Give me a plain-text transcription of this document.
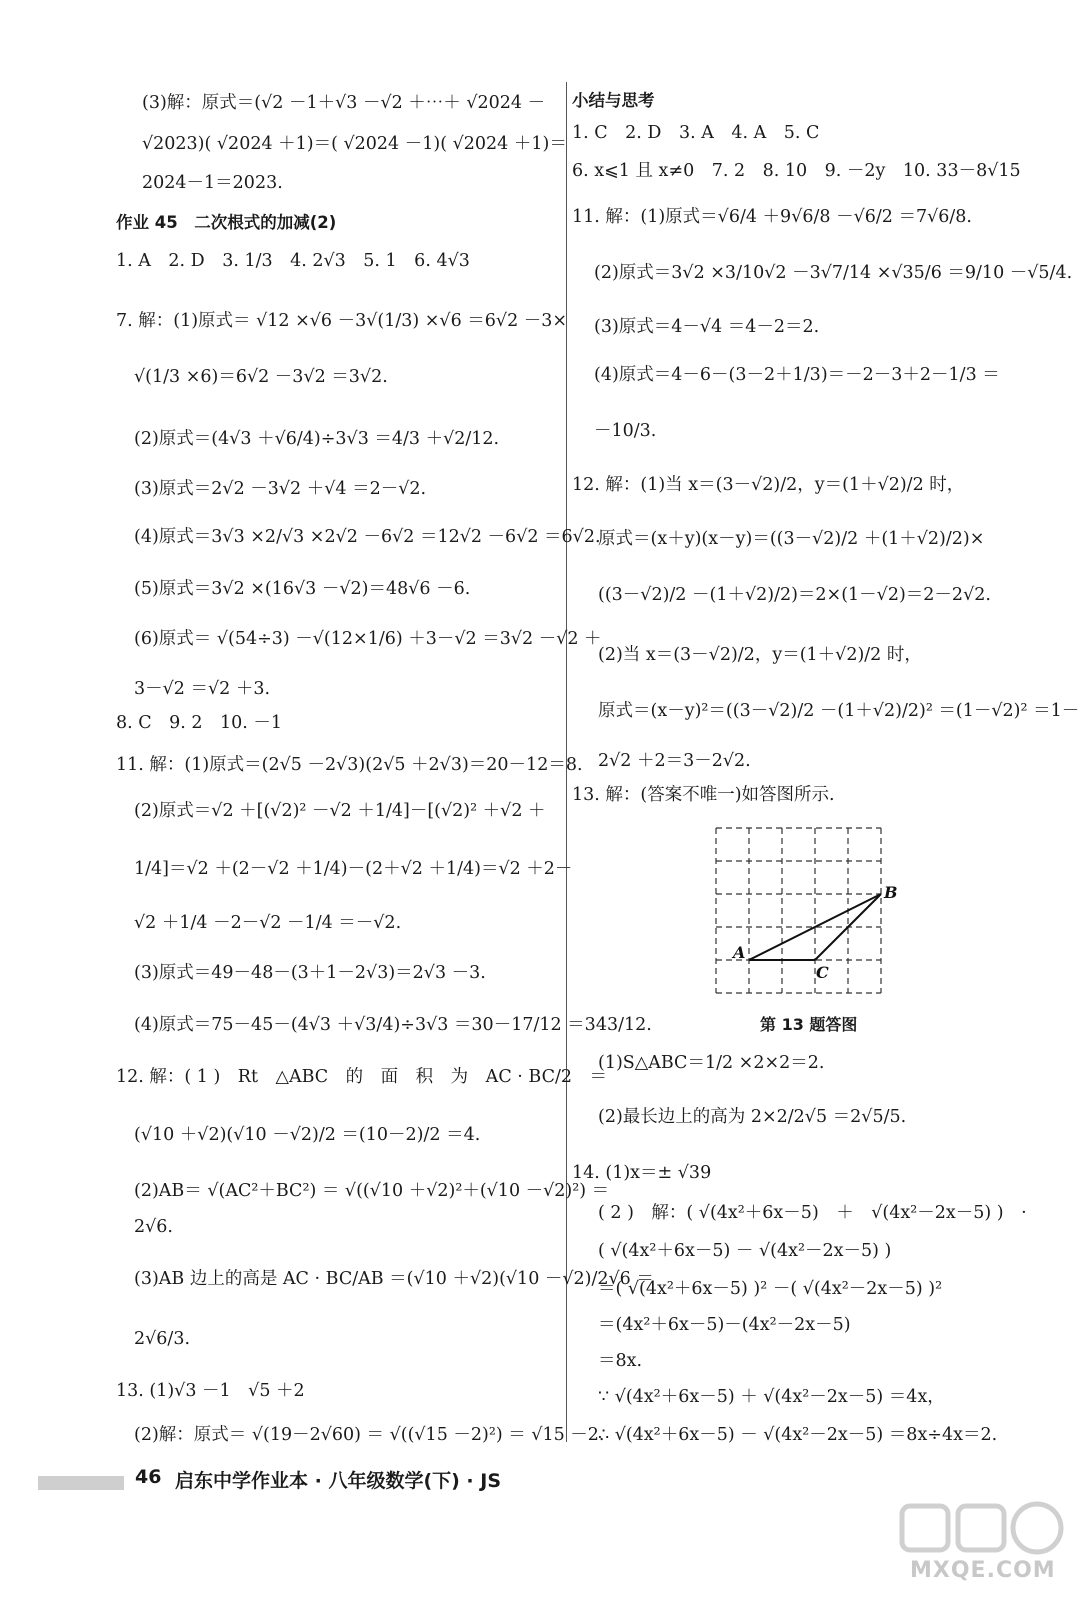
(3)解：原式＝(√2 －1＋√3 －√2 ＋⋯＋ √2024 －
√2023)( √2024 ＋1)＝( √2024 －1)( √2024 ＋1)＝
2024－1＝2023.
作业 45　二次根式的加减(2)
1. A　2. D　3. 1/3　4. 2√3　5. 1　6. 4√3
7. 解：(1)原式＝ √12 ×√6 －3√(1/3) ×√6 ＝6√2 －3×
√(1/3 ×6)＝6√2 －3√2 ＝3√2.
(2)原式＝(4√3 ＋√6/4)÷3√3 ＝4/3 ＋√2/12.
(3)原式＝2√2 －3√2 ＋√4 ＝2－√2.
(4)原式＝3√3 ×2/√3 ×2√2 －6√2 ＝12√2 －6√2 ＝6√2.
(5)原式＝3√2 ×(16√3 －√2)＝48√6 －6.
(6)原式＝ √(54÷3) －√(12×1/6) ＋3－√2 ＝3√2 －√2 ＋
3－√2 ＝√2 ＋3.
8. C　9. 2　10. －1
11. 解：(1)原式＝(2√5 －2√3)(2√5 ＋2√3)＝20－12＝8.
(2)原式＝√2 ＋[(√2)² －√2 ＋1/4]－[(√2)² ＋√2 ＋
1/4]＝√2 ＋(2－√2 ＋1/4)－(2＋√2 ＋1/4)＝√2 ＋2－
√2 ＋1/4 －2－√2 －1/4 ＝－√2.
(3)原式＝49－48－(3＋1－2√3)＝2√3 －3.
(4)原式＝75－45－(4√3 ＋√3/4)÷3√3 ＝30－17/12 ＝343/12.
12. 解：( 1 )　Rt　△ABC　的　面　积　为　AC · BC/2　＝
(√10 ＋√2)(√10 －√2)/2 ＝(10－2)/2 ＝4.
(2)AB＝ √(AC²＋BC²) ＝ √((√10 ＋√2)²＋(√10 －√2)²) ＝
2√6.
(3)AB 边上的高是 AC · BC/AB ＝(√10 ＋√2)(√10 －√2)/2√6 ＝
2√6/3.
13. (1)√3 －1　√5 ＋2
(2)解：原式＝ √(19－2√60) ＝ √((√15 －2)²) ＝ √15 －2.
小结与思考
1. C　2. D　3. A　4. A　5. C
6. x⩽1 且 x≠0　7. 2　8. 10　9. －2y　10. 33－8√15
11. 解：(1)原式＝√6/4 ＋9√6/8 －√6/2 ＝7√6/8.
(2)原式＝3√2 ×3/10√2 －3√7/14 ×√35/6 ＝9/10 －√5/4.
(3)原式＝4－√4 ＝4－2＝2.
(4)原式＝4－6－(3－2＋1/3)＝－2－3＋2－1/3 ＝
－10/3.
12. 解：(1)当 x＝(3－√2)/2，y＝(1＋√2)/2 时，
原式＝(x＋y)(x－y)＝((3－√2)/2 ＋(1＋√2)/2)×
((3－√2)/2 －(1＋√2)/2)＝2×(1－√2)＝2－2√2.
(2)当 x＝(3－√2)/2，y＝(1＋√2)/2 时，
原式＝(x－y)²＝((3－√2)/2 －(1＋√2)/2)² ＝(1－√2)² ＝1－
2√2 ＋2＝3－2√2.
13. 解：(答案不唯一)如答图所示.
(1)S△ABC＝1/2 ×2×2＝2.
(2)最长边上的高为 2×2/2√5 ＝2√5/5.
14. (1)x＝± √39
( 2 )　解：( √(4x²＋6x－5)　＋　√(4x²－2x－5) )　·
( √(4x²＋6x－5) － √(4x²－2x－5) )
＝( √(4x²＋6x－5) )² －( √(4x²－2x－5) )²
＝(4x²＋6x－5)－(4x²－2x－5)
＝8x.
∵ √(4x²＋6x－5) ＋ √(4x²－2x－5) ＝4x，
∴ √(4x²＋6x－5) － √(4x²－2x－5) ＝8x÷4x＝2.
A
B
C
第 13 题答图
46 启东中学作业本 · 八年级数学(下) · JS
MXQE.COM
